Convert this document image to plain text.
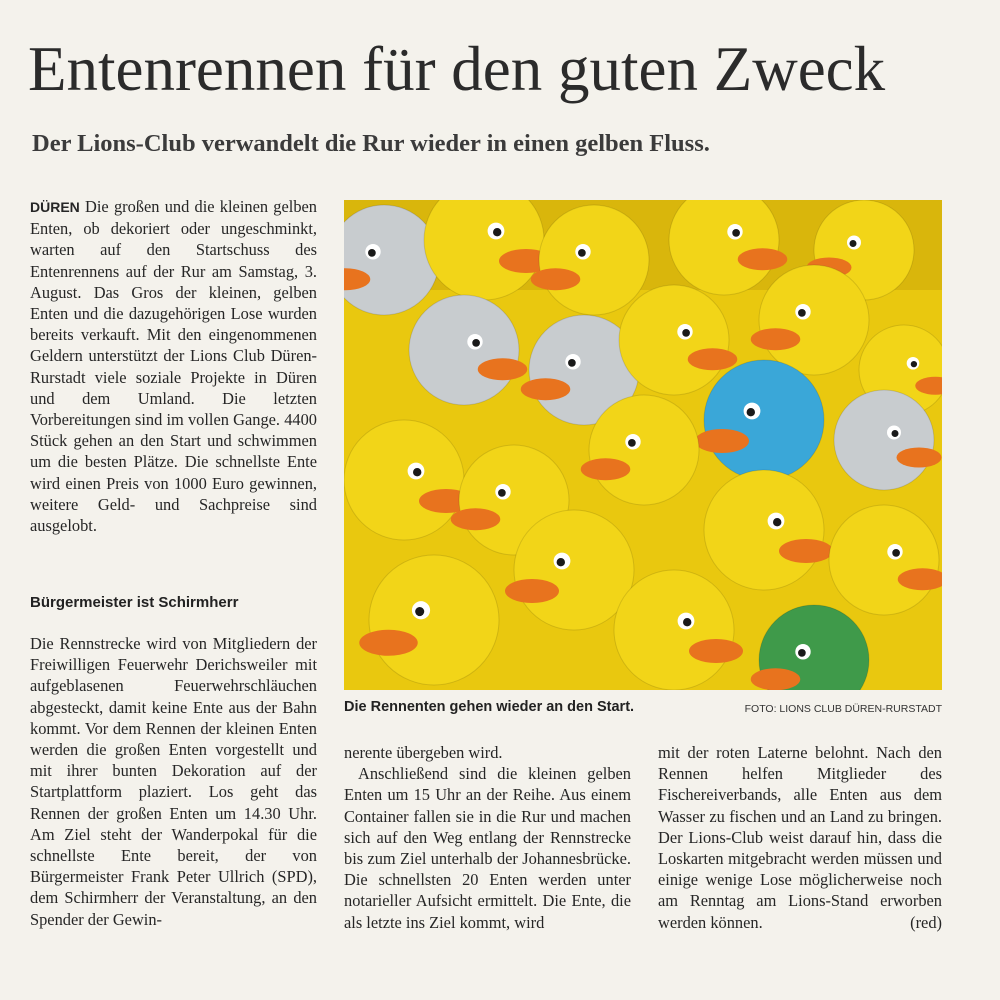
Entenrennen für den guten Zweck
Der Lions-Club verwandelt die Rur wieder in einen gelben Fluss.

DÜREN Die großen und die kleinen gelben Enten, ob dekoriert oder ungeschminkt, warten auf den Startschuss des Entenrennens auf der Rur am Samstag, 3. August. Das Gros der kleinen, gelben Enten und die dazugehörigen Lose wurden bereits verkauft. Mit den eingenommenen Geldern unterstützt der Lions Club Düren-Rurstadt viele soziale Projekte in Düren und dem Umland. Die letzten Vorbereitungen sind im vollen Gange. 4400 Stück gehen an den Start und schwimmen um die besten Plätze. Die schnellste Ente wird einen Preis von 1000 Euro gewinnen, weitere Geld- und Sachpreise sind ausgelobt.

Bürgermeister ist Schirmherr

Die Rennstrecke wird von Mitgliedern der Freiwilligen Feuerwehr Derichsweiler mit aufgeblasenen Feuerwehrschläuchen abgesteckt, damit keine Ente aus der Bahn kommt. Vor dem Rennen der kleinen Enten werden die großen Enten vorgestellt und mit ihrer bunten Dekoration auf der Startplattform plaziert. Los geht das Rennen der großen Enten um 14.30 Uhr. Am Ziel steht der Wanderpokal für die schnellste Ente bereit, der von Bürgermeister Frank Peter Ullrich (SPD), dem Schirmherr der Veranstaltung, an den Spender der Gewin-

Die Rennenten gehen wieder an den Start.	FOTO: LIONS CLUB DÜREN-RURSTADT

nerente übergeben wird.

Anschließend sind die kleinen gelben Enten um 15 Uhr an der Reihe. Aus einem Container fallen sie in die Rur und machen sich auf den Weg entlang der Rennstrecke bis zum Ziel unterhalb der Johannesbrücke. Die schnellsten 20 Enten werden unter notarieller Aufsicht ermittelt. Die Ente, die als letzte ins Ziel kommt, wird

mit der roten Laterne belohnt. Nach den Rennen helfen Mitglieder des Fischereiverbands, alle Enten aus dem Wasser zu fischen und an Land zu bringen. Der Lions-Club weist darauf hin, dass die Loskarten mitgebracht werden müssen und einige wenige Lose möglicherweise noch am Renntag am Lions-Stand erworben werden können.	(red)
